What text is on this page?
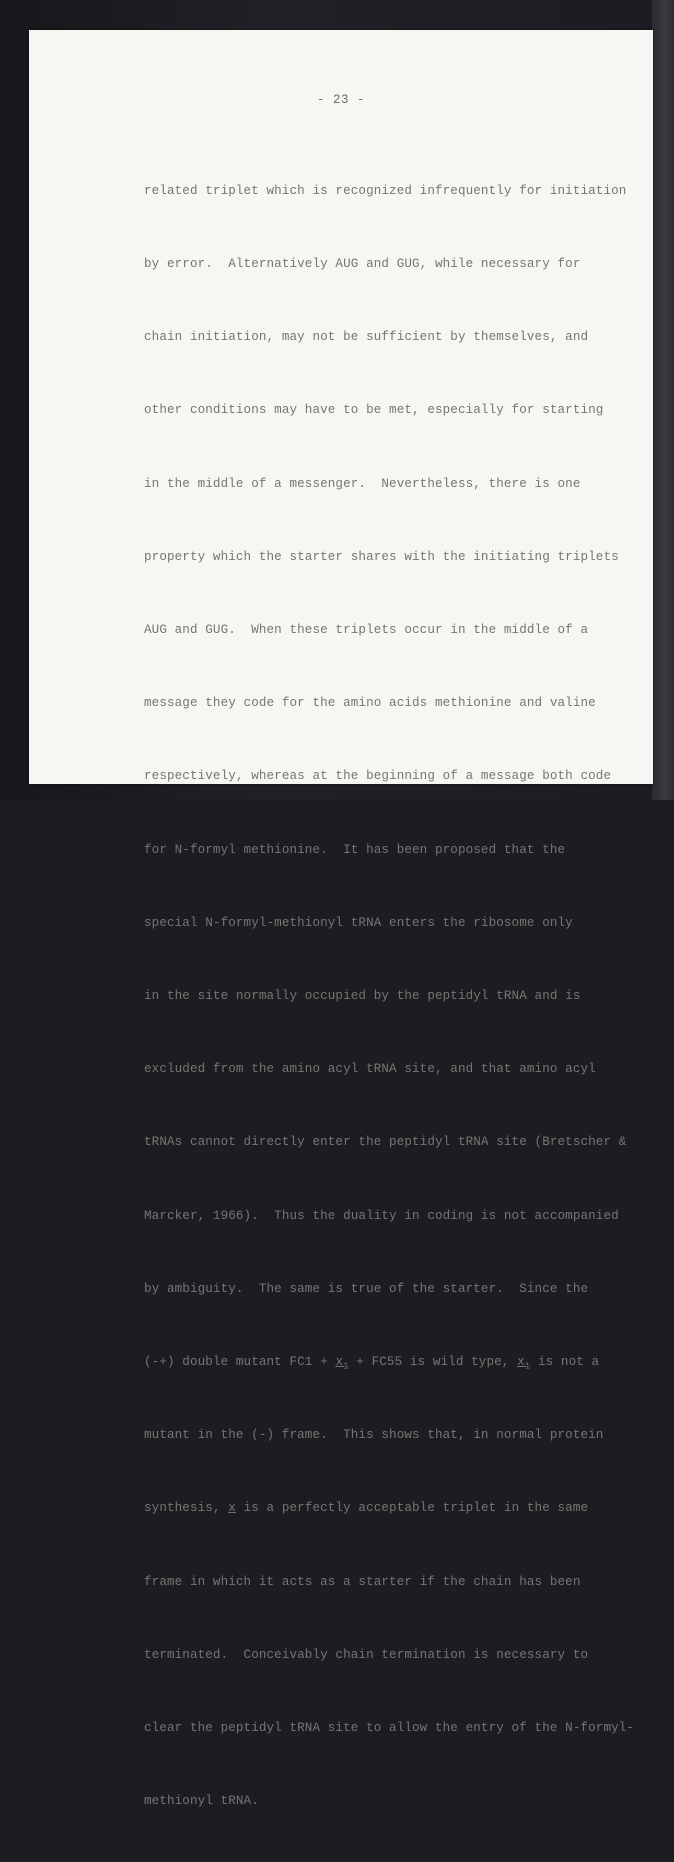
- 23 -

related triplet which is recognized infrequently for initiation

by error.  Alternatively AUG and GUG, while necessary for

chain initiation, may not be sufficient by themselves, and

other conditions may have to be met, especially for starting

in the middle of a messenger.  Nevertheless, there is one

property which the starter shares with the initiating triplets

AUG and GUG.  When these triplets occur in the middle of a

message they code for the amino acids methionine and valine

respectively, whereas at the beginning of a message both code

for N-formyl methionine.  It has been proposed that the

special N-formyl-methionyl tRNA enters the ribosome only

in the site normally occupied by the peptidyl tRNA and is

excluded from the amino acyl tRNA site, and that amino acyl

tRNAs cannot directly enter the peptidyl tRNA site (Bretscher &

Marcker, 1966).  Thus the duality in coding is not accompanied

by ambiguity.  The same is true of the starter.  Since the

(-+) double mutant $FC1 + x_1 + FC55$ is wild type, $x_1$ is not a

mutant in the (-) frame.  This shows that, in normal protein

synthesis, x is a perfectly acceptable triplet in the same

frame in which it acts as a starter if the chain has been

terminated.  Conceivably chain termination is necessary to

clear the peptidyl tRNA site to allow the entry of the N-formyl-

methionyl tRNA.
